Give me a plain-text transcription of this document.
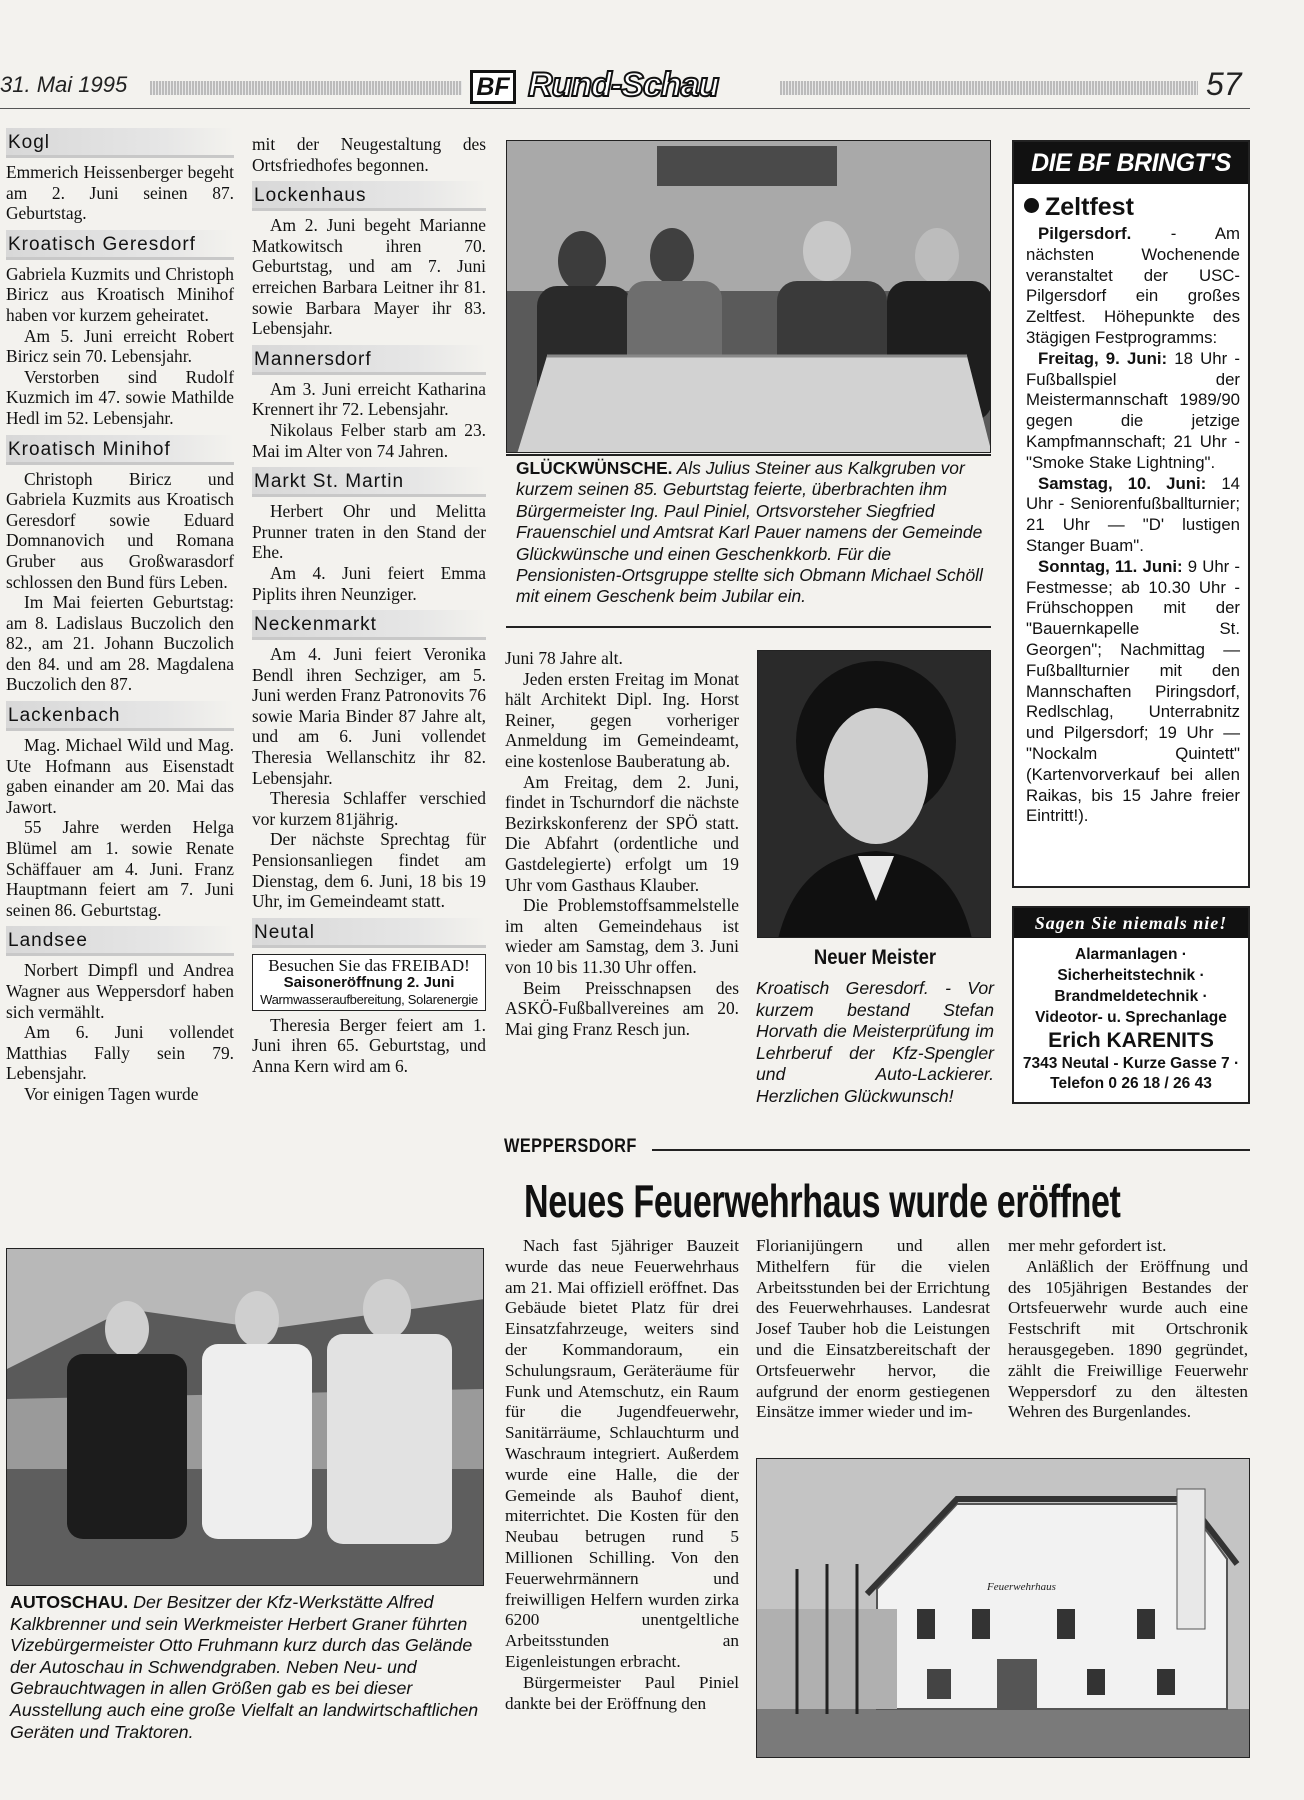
31. Mai 1995	BF Rund-Schau	57
Kogl

Emmerich Heissenberger begeht am 2. Juni seinen 87. Geburtstag.

Kroatisch Geresdorf

Gabriela Kuzmits und Christoph Biricz aus Kroatisch Minihof haben vor kurzem geheiratet.

Am 5. Juni erreicht Robert Biricz sein 70. Lebensjahr.

Verstorben sind Rudolf Kuzmich im 47. sowie Mathilde Hedl im 52. Lebensjahr.

Kroatisch Minihof

Christoph Biricz und Gabriela Kuzmits aus Kroatisch Geresdorf sowie Eduard Domnanovich und Romana Gruber aus Großwarasdorf schlossen den Bund fürs Leben.

Im Mai feierten Geburtstag: am 8. Ladislaus Buczolich den 82., am 21. Johann Buczolich den 84. und am 28. Magdalena Buczolich den 87.

Lackenbach

Mag. Michael Wild und Mag. Ute Hofmann aus Eisenstadt gaben einander am 20. Mai das Jawort.

55 Jahre werden Helga Blümel am 1. sowie Renate Schäffauer am 4. Juni. Franz Hauptmann feiert am 7. Juni seinen 86. Geburtstag.

Landsee

Norbert Dimpfl und Andrea Wagner aus Weppersdorf haben sich vermählt.

Am 6. Juni vollendet Matthias Fally sein 79. Lebensjahr.

Vor einigen Tagen wurde

mit der Neugestaltung des Ortsfriedhofes begonnen.

Lockenhaus

Am 2. Juni begeht Marianne Matkowitsch ihren 70. Geburtstag, und am 7. Juni erreichen Barbara Leitner ihr 81. sowie Barbara Mayer ihr 83. Lebensjahr.

Mannersdorf

Am 3. Juni erreicht Katharina Krennert ihr 72. Lebensjahr.

Nikolaus Felber starb am 23. Mai im Alter von 74 Jahren.

Markt St. Martin

Herbert Ohr und Melitta Prunner traten in den Stand der Ehe.

Am 4. Juni feiert Emma Piplits ihren Neunziger.

Neckenmarkt

Am 4. Juni feiert Veronika Bendl ihren Sechziger, am 5. Juni werden Franz Patronovits 76 sowie Maria Binder 87 Jahre alt, und am 6. Juni vollendet Theresia Wellanschitz ihr 82. Lebensjahr.

Theresia Schlaffer verschied vor kurzem 81jährig.

Der nächste Sprechtag für Pensionsanliegen findet am Dienstag, dem 6. Juni, 18 bis 19 Uhr, im Gemeindeamt statt.

Neutal
Besuchen Sie das FREIBAD!
Saisoneröffnung 2. Juni
Warmwasseraufbereitung, Solarenergie

Theresia Berger feiert am 1. Juni ihren 65. Geburtstag, und Anna Kern wird am 6.

GLÜCKWÜNSCHE. Als Julius Steiner aus Kalkgruben vor kurzem seinen 85. Geburtstag feierte, überbrachten ihm Bürgermeister Ing. Paul Piniel, Ortsvorsteher Siegfried Frauenschiel und Amtsrat Karl Pauer namens der Gemeinde Glückwünsche und einen Geschenkkorb. Für die Pensionisten-Ortsgruppe stellte sich Obmann Michael Schöll mit einem Geschenk beim Jubilar ein.

Juni 78 Jahre alt.

Jeden ersten Freitag im Monat hält Architekt Dipl. Ing. Horst Reiner, gegen vorheriger Anmeldung im Gemeindeamt, eine kostenlose Bauberatung ab.

Am Freitag, dem 2. Juni, findet in Tschurndorf die nächste Bezirkskonferenz der SPÖ statt. Die Abfahrt (ordentliche und Gastdelegierte) erfolgt um 19 Uhr vom Gasthaus Klauber.

Die Problemstoffsammelstelle im alten Gemeindehaus ist wieder am Samstag, dem 3. Juni von 10 bis 11.30 Uhr offen.

Beim Preisschnapsen des ASKÖ-Fußballvereines am 20. Mai ging Franz Resch jun.

Neuer Meister
Kroatisch Geresdorf. - Vor kurzem bestand Stefan Horvath die Meisterprüfung im Lehrberuf der Kfz-Spengler und Auto-Lackierer. Herzlichen Glückwunsch!
DIE BF BRINGT'S
Zeltfest

Pilgersdorf. - Am nächsten Wochenende veranstaltet der USC-Pilgersdorf ein großes Zeltfest. Höhepunkte des 3tägigen Festprogramms:

Freitag, 9. Juni: 18 Uhr - Fußballspiel der Meistermannschaft 1989/90 gegen die jetzige Kampfmannschaft; 21 Uhr - "Smoke Stake Lightning".

Samstag, 10. Juni: 14 Uhr - Seniorenfußballturnier; 21 Uhr — "D' lustigen Stanger Buam".

Sonntag, 11. Juni: 9 Uhr - Festmesse; ab 10.30 Uhr - Frühschoppen mit der "Bauernkapelle St. Georgen"; Nachmittag — Fußballturnier mit den Mannschaften Piringsdorf, Redlschlag, Unterrabnitz und Pilgersdorf; 19 Uhr — "Nockalm Quintett" (Kartenvorverkauf bei allen Raikas, bis 15 Jahre freier Eintritt!).

Sagen Sie niemals nie!
Alarmanlagen ·
Sicherheitstechnik ·
Brandmeldetechnik ·
Videotor- u. Sprechanlage
Erich KARENITS
7343 Neutal - Kurze Gasse 7 ·
Telefon 0 26 18 / 26 43
AUTOSCHAU. Der Besitzer der Kfz-Werkstätte Alfred Kalkbrenner und sein Werkmeister Herbert Graner führten Vizebürgermeister Otto Fruhmann kurz durch das Gelände der Autoschau in Schwendgraben. Neben Neu- und Gebrauchtwagen in allen Größen gab es bei dieser Ausstellung auch eine große Vielfalt an landwirtschaftlichen Geräten und Traktoren.
WEPPERSDORF
Neues Feuerwehrhaus wurde eröffnet

Nach fast 5jähriger Bauzeit wurde das neue Feuerwehrhaus am 21. Mai offiziell eröffnet. Das Gebäude bietet Platz für drei Einsatzfahrzeuge, weiters sind der Kommandoraum, ein Schulungsraum, Geräteräume für Funk und Atemschutz, ein Raum für die Jugendfeuerwehr, Sanitärräume, Schlauchturm und Waschraum integriert. Außerdem wurde eine Halle, die der Gemeinde als Bauhof dient, miterrichtet. Die Kosten für den Neubau betrugen rund 5 Millionen Schilling. Von den Feuerwehrmännern und freiwilligen Helfern wurden zirka 6200 unentgeltliche Arbeitsstunden an Eigenleistungen erbracht.

Bürgermeister Paul Piniel dankte bei der Eröffnung den

Florianijüngern und allen Mithelfern für die vielen Arbeitsstunden bei der Errichtung des Feuerwehrhauses. Landesrat Josef Tauber hob die Leistungen und die Einsatzbereitschaft der Ortsfeuerwehr hervor, die aufgrund der enorm gestiegenen Einsätze immer wieder und im-

mer mehr gefordert ist.

Anläßlich der Eröffnung und des 105jährigen Bestandes der Ortsfeuerwehr wurde auch eine Festschrift mit Ortschronik herausgegeben. 1890 gegründet, zählt die Freiwillige Feuerwehr Weppersdorf zu den ältesten Wehren des Burgenlandes.

Feuerwehrhaus
